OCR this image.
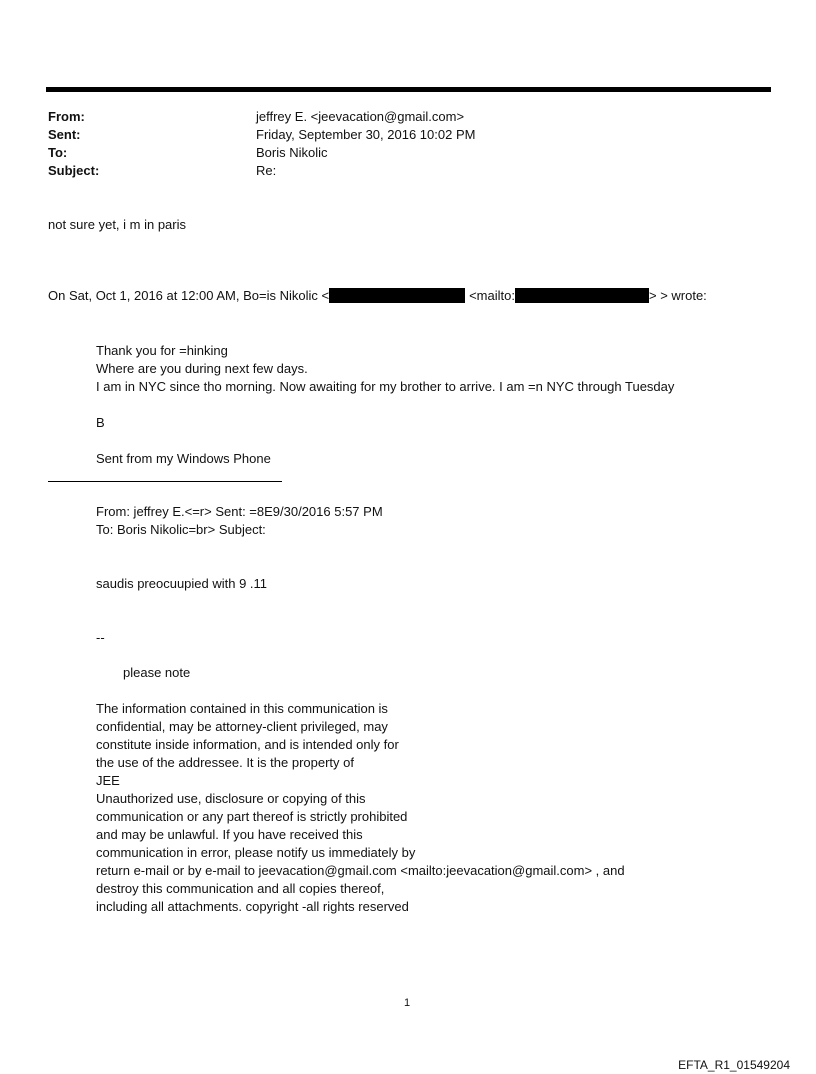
From:	jeffrey E. <jeevacation@gmail.com>
Sent:	Friday, September 30, 2016 10:02 PM
To:	Boris Nikolic
Subject:	Re:
not sure yet, i m in paris
On Sat, Oct 1, 2016 at 12:00 AM, Bo=is Nikolic <	<mailto:	> > wrote:
Thank you for =hinking
Where are you during next few days.
I am in NYC since tho morning. Now awaiting for my brother to arrive. I am =n NYC through Tuesday
B
Sent from my Windows Phone
From: jeffrey E.<=r> Sent: =8E9/30/2016 5:57 PM
To: Boris Nikolic=br> Subject:
saudis preocuupied with 9 .11
--
please note
The information contained in this communication is
confidential, may be attorney-client privileged, may
constitute inside information, and is intended only for
the use of the addressee. It is the property of
JEE
Unauthorized use, disclosure or copying of this
communication or any part thereof is strictly prohibited
and may be unlawful. If you have received this
communication in error, please notify us immediately by
return e-mail or by e-mail to jeevacation@gmail.com <mailto:jeevacation@gmail.com> , and
destroy this communication and all copies thereof,
including all attachments. copyright -all rights reserved
1
EFTA_R1_01549204
